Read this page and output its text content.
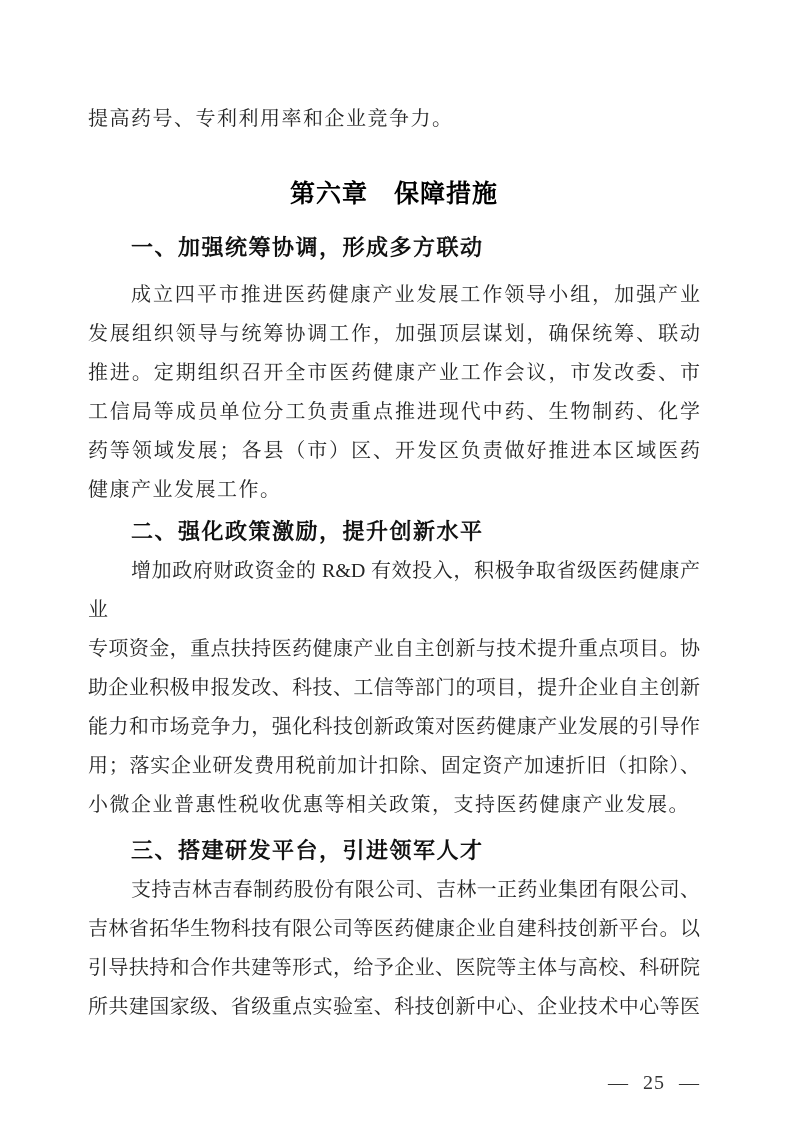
提高药号、专利利用率和企业竞争力。
第六章　保障措施
一、加强统筹协调，形成多方联动
成立四平市推进医药健康产业发展工作领导小组，加强产业
发展组织领导与统筹协调工作，加强顶层谋划，确保统筹、联动
推进。定期组织召开全市医药健康产业工作会议，市发改委、市
工信局等成员单位分工负责重点推进现代中药、生物制药、化学
药等领域发展；各县（市）区、开发区负责做好推进本区域医药
健康产业发展工作。
二、强化政策激励，提升创新水平
增加政府财政资金的 R&D 有效投入，积极争取省级医药健康产业
专项资金，重点扶持医药健康产业自主创新与技术提升重点项目。协
助企业积极申报发改、科技、工信等部门的项目，提升企业自主创新
能力和市场竞争力，强化科技创新政策对医药健康产业发展的引导作
用；落实企业研发费用税前加计扣除、固定资产加速折旧（扣除）、
小微企业普惠性税收优惠等相关政策，支持医药健康产业发展。
三、搭建研发平台，引进领军人才
支持吉林吉春制药股份有限公司、吉林一正药业集团有限公司、
吉林省拓华生物科技有限公司等医药健康企业自建科技创新平台。以
引导扶持和合作共建等形式，给予企业、医院等主体与高校、科研院
所共建国家级、省级重点实验室、科技创新中心、企业技术中心等医
— 25 —
